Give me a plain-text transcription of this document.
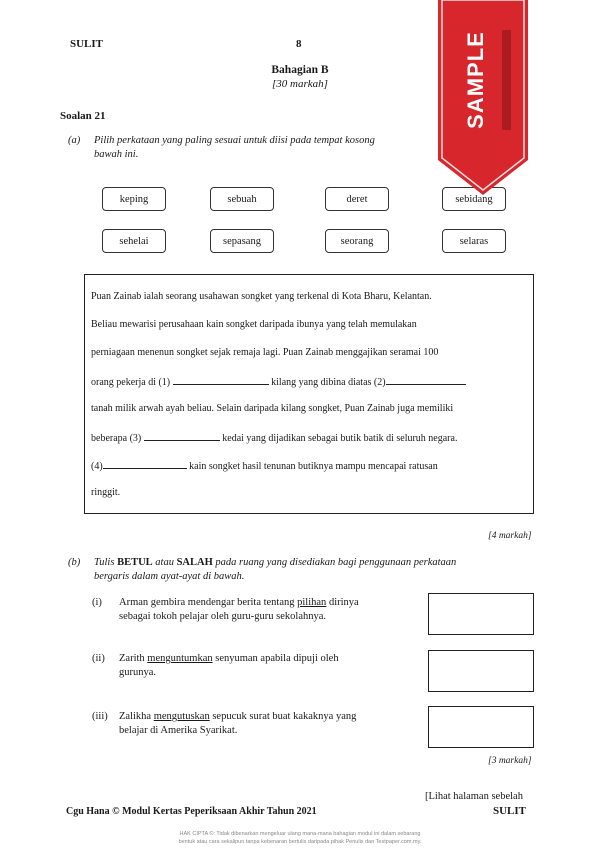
SULIT	8
Bahagian B
[30 markah]
Soalan 21
(a) Pilih perkataan yang paling sesuai untuk diisi pada tempat kosong
bawah ini.
keping	sebuah	deret	sebidang
sehelai	sepasang	seorang	selaras
Puan Zainab ialah seorang usahawan songket yang terkenal di Kota Bharu, Kelantan.
Beliau mewarisi perusahaan kain songket daripada ibunya yang telah memulakan
perniagaan menenun songket sejak remaja lagi. Puan Zainab menggajikan seramai 100
orang pekerja di (1)	kilang yang dibina diatas (2)
tanah milik arwah ayah beliau. Selain daripada kilang songket, Puan Zainab juga memiliki
beberapa (3)	kedai yang dijadikan sebagai butik batik di seluruh negara.
(4)	kain songket hasil tenunan butiknya mampu mencapai ratusan
ringgit.
[4 markah]
(b) Tulis BETUL atau SALAH pada ruang yang disediakan bagi penggunaan perkataan
bergaris dalam ayat-ayat di bawah.
(i) Arman gembira mendengar berita tentang pilihan dirinya
sebagai tokoh pelajar oleh guru-guru sekolahnya.
(ii) Zarith menguntumkan senyuman apabila dipuji oleh
gurunya.
(iii) Zalikha mengutuskan sepucuk surat buat kakaknya yang
belajar di Amerika Syarikat.
[3 markah]
[Lihat halaman sebelah
Cgu Hana © Modul Kertas Peperiksaan Akhir Tahun 2021	SULIT
HAK CIPTA ©: Tidak dibenarkan mengeluar ulang mana-mana bahagian modul ini dalam sebarang
bentuk atau cara sekalipun tanpa kebenaran bertulis daripada pihak Penulis dan Testpaper.com.my.
SAMPLE
